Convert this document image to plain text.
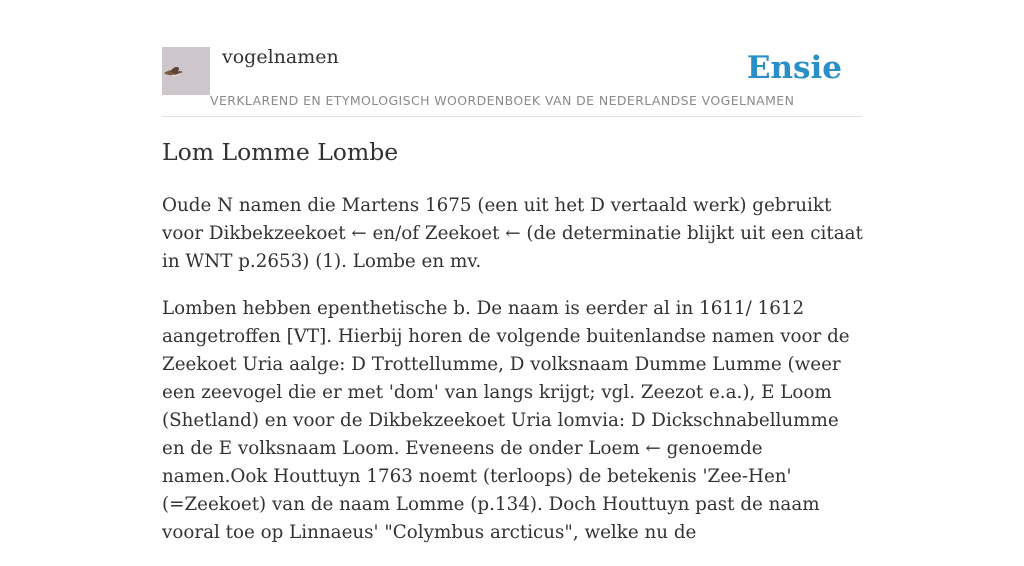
vogelnamen
VERKLAREND EN ETYMOLOGISCH WOORDENBOEK VAN DE NEDERLANDSE VOGELNAMEN
Ensie
Lom Lomme Lombe

Oude N namen die Martens 1675 (een uit het D vertaald werk) gebruikt voor Dikbekzeekoet ← en/of Zeekoet ← (de determinatie blijkt uit een citaat in WNT p.2653) (1). Lombe en mv.

Lomben hebben epenthetische b. De naam is eerder al in 1611/ 1612 aangetroffen [VT]. Hierbij horen de volgende buitenlandse namen voor de Zeekoet Uria aalge: D Trottellumme, D volksnaam Dumme Lumme (weer een zeevogel die er met 'dom' van langs krijgt; vgl. Zeezot e.a.), E Loom (Shetland) en voor de Dikbekzeekoet Uria lomvia: D Dickschnabellumme en de E volksnaam Loom. Eveneens de onder Loem ← genoemde namen.Ook Houttuyn 1763 noemt (terloops) de betekenis 'Zee-Hen' (=Zeekoet) van de naam Lomme (p.134). Doch Houttuyn past de naam vooral toe op Linnaeus' "Colymbus arcticus", welke nu de
